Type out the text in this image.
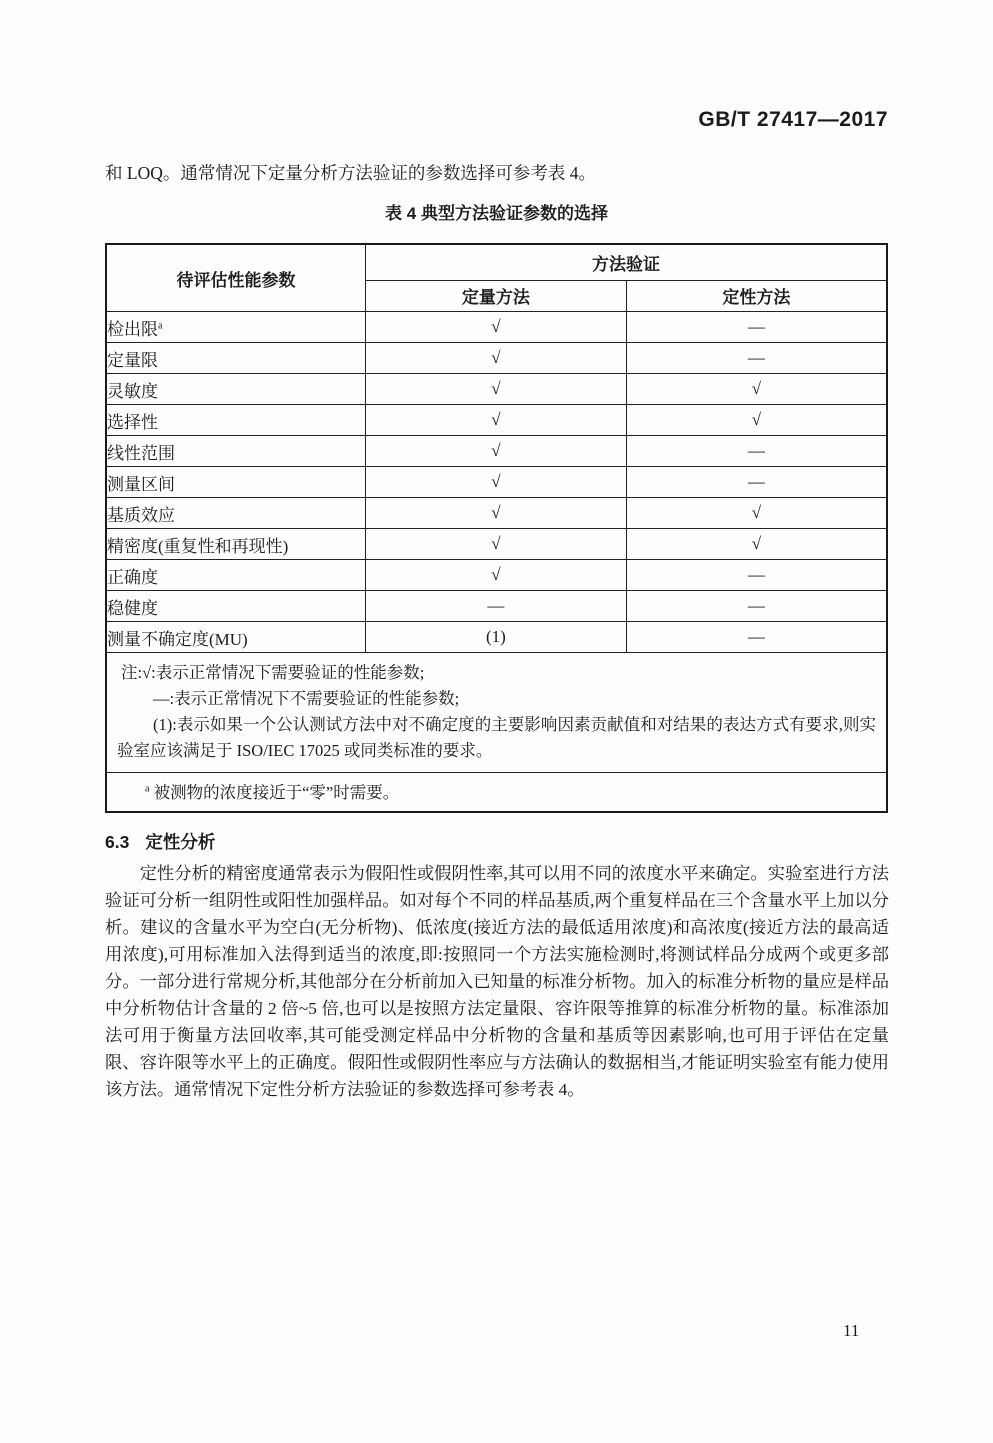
GB/T 27417—2017
和 LOQ。通常情况下定量分析方法验证的参数选择可参考表 4。
表 4 典型方法验证参数的选择
待评估性能参数	方法验证	
	定量方法	定性方法
检出限$^a$	√	—
定量限	√	—
灵敏度	√	√
选择性	√	√
线性范围	√	—
测量区间	√	—
基质效应	√	√
精密度(重复性和再现性)	√	√
正确度	√	—
稳健度	—	—
测量不确定度(MU)	(1)	—

注:√:表示正常情况下需要验证的性能参数;
—:表示正常情况下不需要验证的性能参数;
(1):表示如果一个公认测试方法中对不确定度的主要影响因素贡献值和对结果的表达方式有要求,则实验室应该满足于 ISO/IEC 17025 或同类标准的要求。		

$^a$ 被测物的浓度接近于“零”时需要。		
6.3 定性分析
定性分析的精密度通常表示为假阳性或假阴性率,其可以用不同的浓度水平来确定。实验室进行方法验证可分析一组阴性或阳性加强样品。如对每个不同的样品基质,两个重复样品在三个含量水平上加以分析。建议的含量水平为空白(无分析物)、低浓度(接近方法的最低适用浓度)和高浓度(接近方法的最高适用浓度),可用标准加入法得到适当的浓度,即:按照同一个方法实施检测时,将测试样品分成两个或更多部分。一部分进行常规分析,其他部分在分析前加入已知量的标准分析物。加入的标准分析物的量应是样品中分析物估计含量的 2 倍~5 倍,也可以是按照方法定量限、容许限等推算的标准分析物的量。标准添加法可用于衡量方法回收率,其可能受测定样品中分析物的含量和基质等因素影响,也可用于评估在定量限、容许限等水平上的正确度。假阳性或假阴性率应与方法确认的数据相当,才能证明实验室有能力使用该方法。通常情况下定性分析方法验证的参数选择可参考表 4。
11
